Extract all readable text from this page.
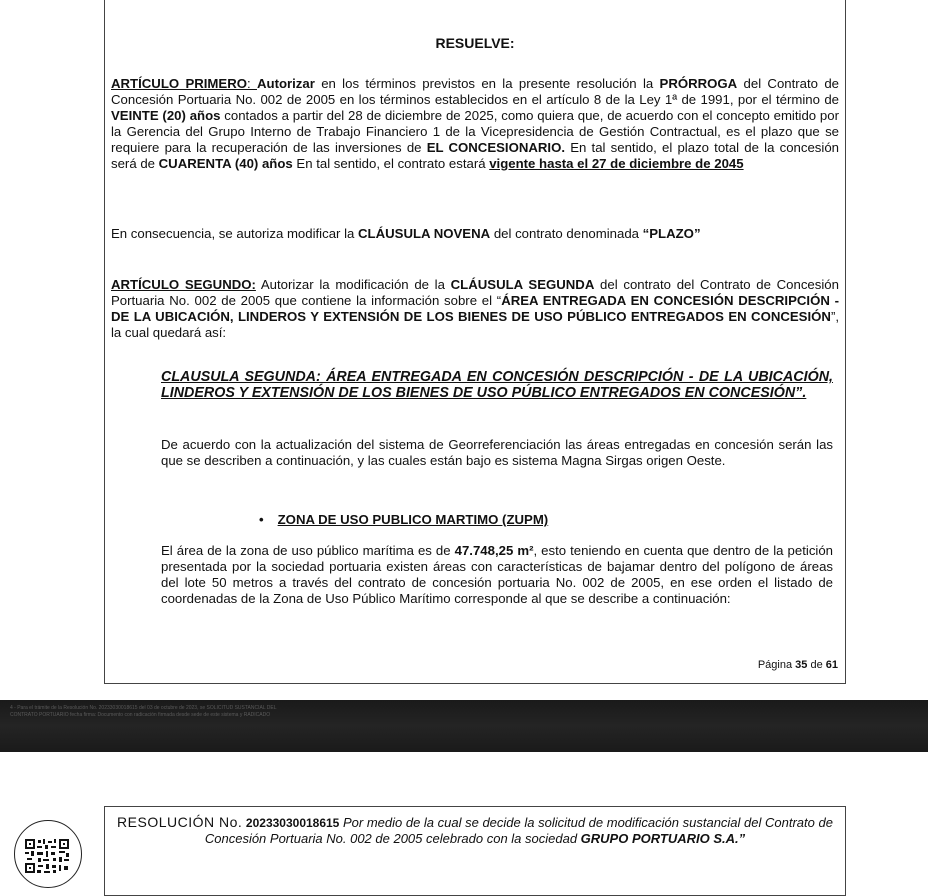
RESUELVE:
ARTÍCULO PRIMERO: Autorizar en los términos previstos en la presente resolución la PRÓRROGA del Contrato de Concesión Portuaria No. 002 de 2005 en los términos establecidos en el artículo 8 de la Ley 1ª de 1991, por el término de VEINTE (20) años contados a partir del 28 de diciembre de 2025, como quiera que, de acuerdo con el concepto emitido por la Gerencia del Grupo Interno de Trabajo Financiero 1 de la Vicepresidencia de Gestión Contractual, es el plazo que se requiere para la recuperación de las inversiones de EL CONCESIONARIO. En tal sentido, el plazo total de la concesión será de CUARENTA (40) años En tal sentido, el contrato estará vigente hasta el 27 de diciembre de 2045
En consecuencia, se autoriza modificar la CLÁUSULA NOVENA del contrato denominada “PLAZO”
ARTÍCULO SEGUNDO: Autorizar la modificación de la CLÁUSULA SEGUNDA del contrato del Contrato de Concesión Portuaria No. 002 de 2005 que contiene la información sobre el “ÁREA ENTREGADA EN CONCESIÓN DESCRIPCIÓN - DE LA UBICACIÓN, LINDEROS Y EXTENSIÓN DE LOS BIENES DE USO PÚBLICO ENTREGADOS EN CONCESIÓN”, la cual quedará así:
CLAUSULA SEGUNDA: ÁREA ENTREGADA EN CONCESIÓN DESCRIPCIÓN - DE LA UBICACIÓN, LINDEROS Y EXTENSIÓN DE LOS BIENES DE USO PÚBLICO ENTREGADOS EN CONCESIÓN”.
De acuerdo con la actualización del sistema de Georreferenciación las áreas entregadas en concesión serán las que se describen a continuación, y las cuales están bajo es sistema Magna Sirgas origen Oeste.
• ZONA DE USO PUBLICO MARTIMO (ZUPM)
El área de la zona de uso público marítima es de 47.748,25 m², esto teniendo en cuenta que dentro de la petición presentada por la sociedad portuaria existen áreas con características de bajamar dentro del polígono de áreas del lote 50 metros a través del contrato de concesión portuaria No. 002 de 2005, en ese orden el listado de coordenadas de la Zona de Uso Público Marítimo corresponde al que se describe a continuación:
Página 35 de 61
4 - Para el trámite de la Resolución No. 20233030018615 del 03 de octubre de 2023, se SOLICITUD SUSTANCIAL DEL
CONTRATO PORTUARIO fecha firma: Documento con radicación firmada desde sede de este sistema y RADICADO
RESOLUCIÓN No. 20233030018615 Por medio de la cual se decide la solicitud de modificación sustancial del Contrato de Concesión Portuaria No. 002 de 2005 celebrado con la sociedad GRUPO PORTUARIO S.A.”
